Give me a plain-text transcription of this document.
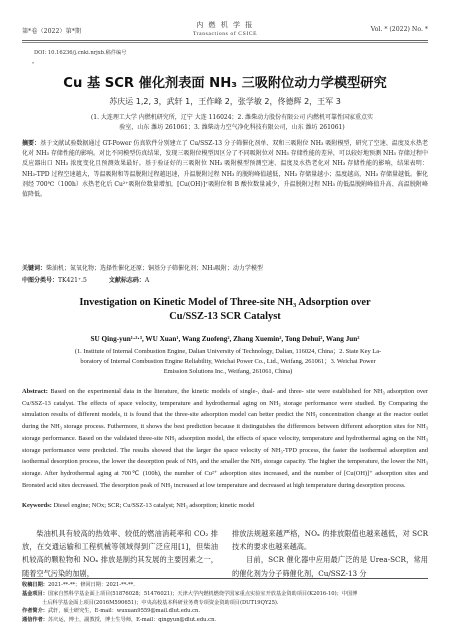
第*卷（2022）第*期
内 燃 机 学 报
Transactions of CSICE
Vol. * (2022) No. *
DOI: 10.16236/j.cnki.nrjxb.稿件编号
"
Cu 基 SCR 催化剂表面 NH₃ 三吸附位动力学模型研究
苏庆运 1,2, 3，武轩 1，王作峰 2，张学敏 2，佟德辉 2，王军 3
(1. 大连理工大学 内燃机研究所，辽宁 大连 116024；2. 潍柴动力股份有限公司 内燃机可靠性国家重点实
验室，山东 潍坊 261061；3. 潍柴动力空气净化科技有限公司，山东 潍坊 261061)
摘要：基于文献试验数据通过 GT-Power 仿真软件分别建立了 Cu/SSZ-13 分子筛催化剂单、双和三吸附位 NH₃ 吸附模型，研究了空速、温度及水热老化对 NH₃ 存储性能的影响。对比不同模型仿真结果，发现三吸附位模型因区分了不同吸附位对 NH₃ 存储性能的差异，可以较好地预测 NH₃ 存储过程中反应器出口 NH₃ 浓度变化且预测效果最好。基于验证好的三吸附位 NH₃ 吸附模型预测空速、温度及水热老化对 NH₃ 存储性能的影响，结果表明：NH₃-TPD 过程空速越大，等温吸附和等温脱附过程越迅速，升温脱附过程 NH₃ 的脱附峰值越低，NH₃ 存储量越小；温度越高，NH₃ 存储量越低。催化剂经 700℃（100h）水热老化后 Cu²⁺吸附位数量增加，[Cu(OH)]⁺吸附位和 B 酸位数量减少，升温脱附过程 NH₃ 的低温脱附峰值升高、高温脱附峰值降低。
关键词：柴油机；氮氧化物；选择性催化还原；铜基分子筛催化剂；NH₃吸附；动力学模型
中图分类号：TK421⁺.5	文献标志码：A
Investigation on Kinetic Model of Three-site NH₃ Adsorption over
Cu/SSZ-13 SCR Catalyst
SU Qing-yun¹·²·³, WU Xuan¹, Wang Zuofeng², Zhang Xuemin², Tong Dehui², Wang Jun²
(1. Institute of Internal Combustion Engine, Dalian University of Technology, Dalian, 116024, China；2. State Key La-
boratory of Internal Combustion Engine Reliability, Weichai Power Co., Ltd., Weifang, 261061；3. Weichai Power
Emission Solutions Inc., Weifang, 261061, China)
Abstract: Based on the experimental data in the literature, the kinetic models of single-, dual- and three- site were established for NH₃ adsorption over Cu/SSZ-13 catalyst. The effects of space velocity, temperature and hydrothermal aging on NH₃ storage performance were studied. By Comparing the simulation results of different models, it is found that the three-site adsorption model can better predict the NH₃ concentration change at the reactor outlet during the NH₃ storage process. Futhermore, it shows the best prediction because it distinguishes the differences between different adsorption sites for NH₃ storage performance. Based on the validated three-site NH₃ adsorption model, the effects of space velocity, temperature and hydrothermal aging on the NH₃ storage performance were predicted. The results showed that the larger the space velocity of NH₃-TPD process, the faster the isothermal adsorption and isothermal desorption process, the lower the desorption peak of NH₃ and the smaller the NH₃ storage capacity. The higher the temperature, the lower the NH₃ storage. After hydrothermal aging at 700℃ (100h), the number of Cu²⁺ adsorption sites increased, and the number of [Cu(OH)]⁺ adsorption sites and Bronsted acid sites decreased. The desorption peak of NH₃ increased at low temperature and decreased at high temperature during desorption process.
Keywords: Diesel engine; NOx; SCR; Cu/SSZ-13 catalyst; NH₃ adsorption; kinetic model
柴油机具有较高的热效率、较低的燃油消耗率和 CO₂ 排放，在交通运输和工程机械等领域得到广泛应用[1]，但柴油机较高的颗粒物和 NOₓ 排放是制约其发展的主要因素之一，随着空气污染的加剧，
排放法规越来越严格，NOₓ 的排放限值也越来越低，对 SCR 技术的要求也越来越高。
目前，SCR 催化器中应用最广泛的是 Urea-SCR，常用的催化剂为分子筛催化剂，Cu/SSZ-13 分
收稿日期：2021-**-**；修回日期：2021-**-**.
基金项目：国家自然科学基金面上项目(51876028；51476021)；天津大学内燃机燃烧学国家重点实验室开放基金资助项目(K2016-10)；中国博
士后科学基金面上项目(2016M590651)；中央高校基本科研业务费专项资金资助项目(DUT19QY25).
作者简介：武轩，硕士研究生，E-mail：wuxuan9559@mail.dlut.edu.cn.
通信作者：苏庆运，博士，副教授，博士生导师，E-mail：qingyun@dlut.edu.cn.
